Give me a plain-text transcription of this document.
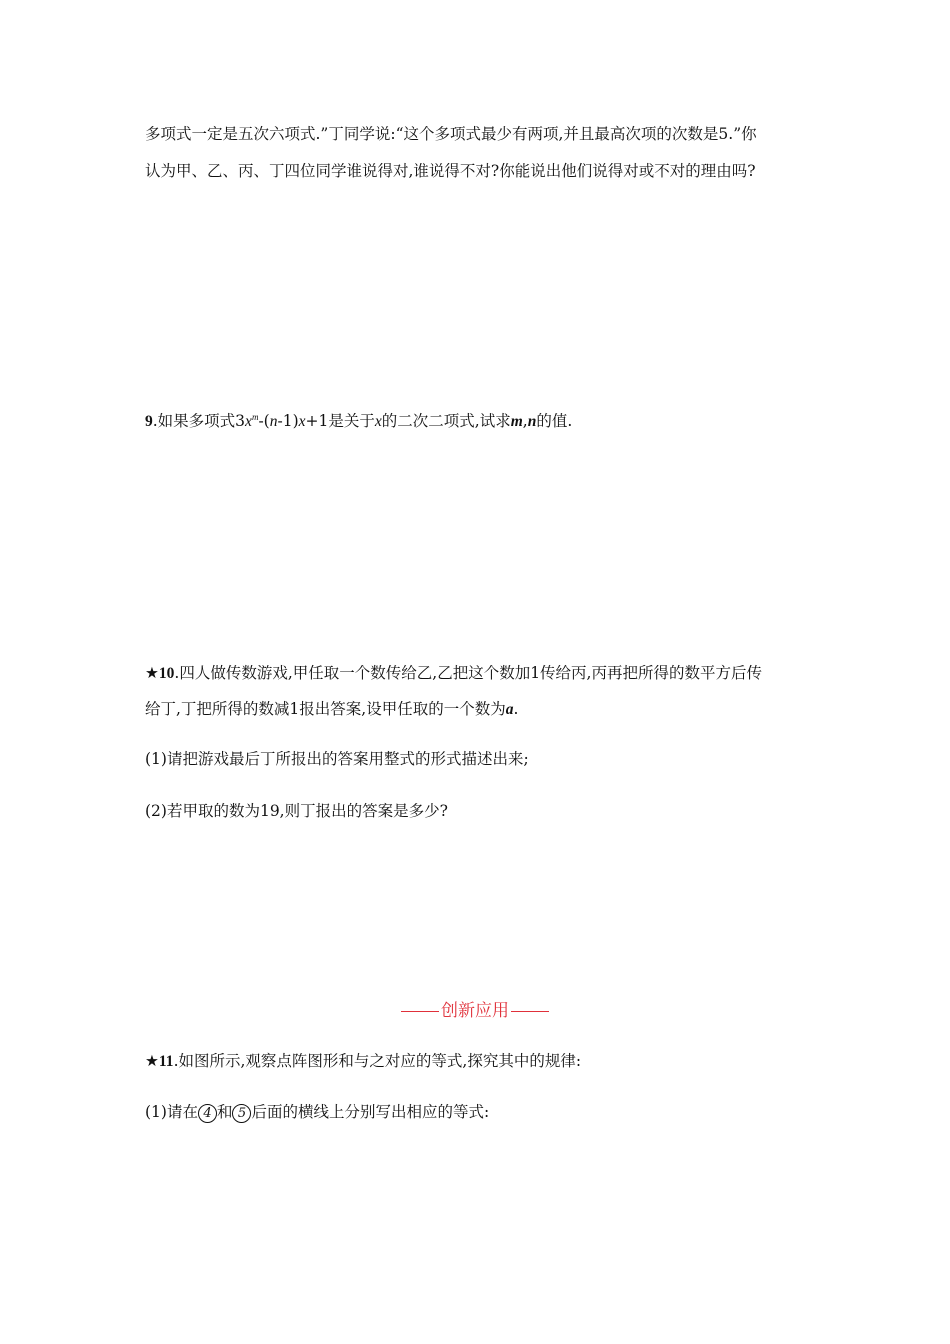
多项式一定是五次六项式.”丁同学说:“这个多项式最少有两项,并且最高次项的次数是5.”你
认为甲、乙、丙、丁四位同学谁说得对,谁说得不对?你能说出他们说得对或不对的理由吗?
9.如果多项式$3x^m-(n-1)x+1$是关于x的二次二项式,试求m,n的值.
★10.四人做传数游戏,甲任取一个数传给乙,乙把这个数加1传给丙,丙再把所得的数平方后传
给丁,丁把所得的数减1报出答案,设甲任取的一个数为a.
(1)请把游戏最后丁所报出的答案用整式的形式描述出来;
(2)若甲取的数为19,则丁报出的答案是多少?
创新应用
★11.如图所示,观察点阵图形和与之对应的等式,探究其中的规律:
(1)请在 4 和 5 后面的横线上分别写出相应的等式:
